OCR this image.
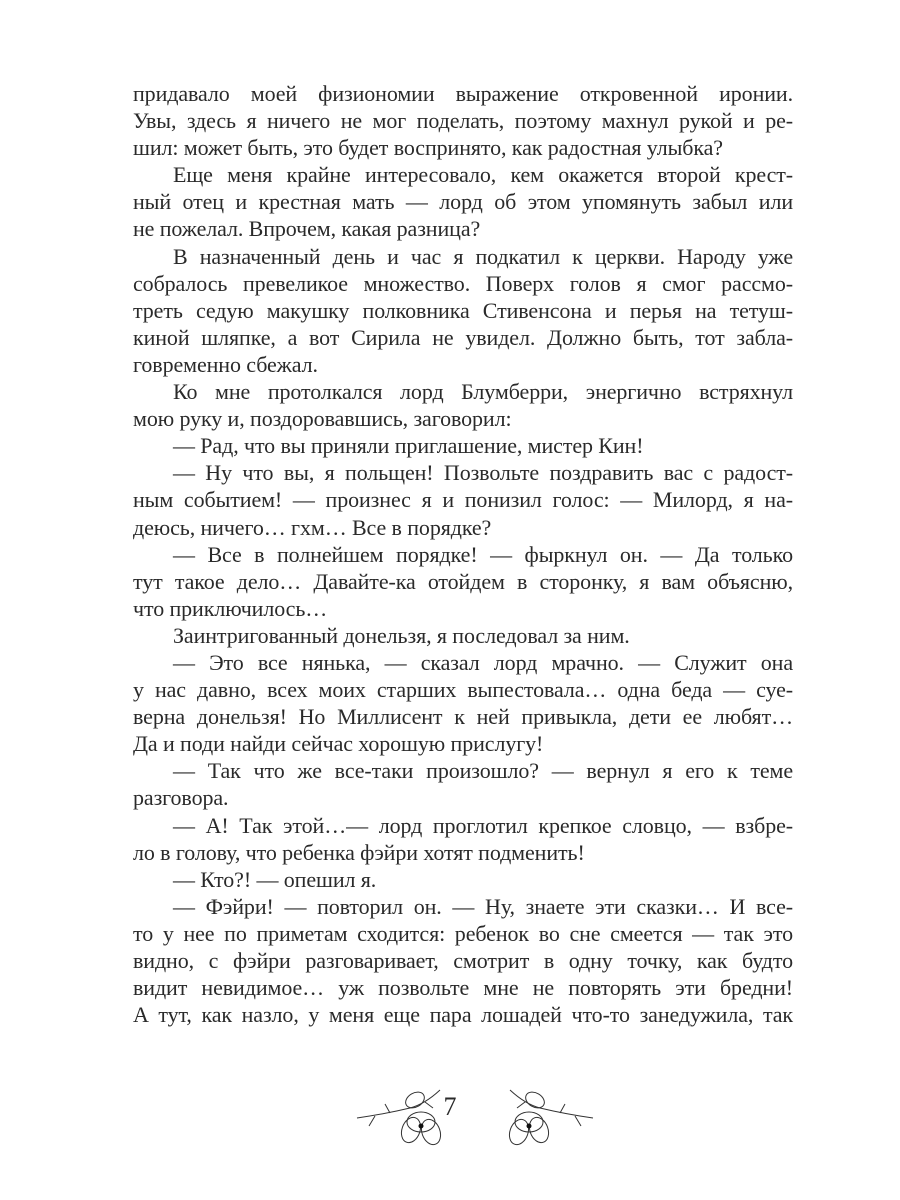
придавало моей физиономии выражение откровенной иронии.
Увы, здесь я ничего не мог поделать, поэтому махнул рукой и ре-
шил: может быть, это будет воспринято, как радостная улыбка?
Еще меня крайне интересовало, кем окажется второй крест-
ный отец и крестная мать — лорд об этом упомянуть забыл или
не пожелал. Впрочем, какая разница?
В назначенный день и час я подкатил к церкви. Народу уже
собралось превеликое множество. Поверх голов я смог рассмо-
треть седую макушку полковника Стивенсона и перья на тетуш-
киной шляпке, а вот Сирила не увидел. Должно быть, тот забла-
говременно сбежал.
Ко мне протолкался лорд Блумберри, энергично встряхнул
мою руку и, поздоровавшись, заговорил:
— Рад, что вы приняли приглашение, мистер Кин!
— Ну что вы, я польщен! Позвольте поздравить вас с радост-
ным событием! — произнес я и понизил голос: — Милорд, я на-
деюсь, ничего… гхм… Все в порядке?
— Все в полнейшем порядке! — фыркнул он. — Да только
тут такое дело… Давайте-ка отойдем в сторонку, я вам объясню,
что приключилось…
Заинтригованный донельзя, я последовал за ним.
— Это все нянька, — сказал лорд мрачно. — Служит она
у нас давно, всех моих старших выпестовала… одна беда — суе-
верна донельзя! Но Миллисент к ней привыкла, дети ее любят…
Да и поди найди сейчас хорошую прислугу!
— Так что же все-таки произошло? — вернул я его к теме
разговора.
— А! Так этой…— лорд проглотил крепкое словцо, — взбре-
ло в голову, что ребенка фэйри хотят подменить!
— Кто?! — опешил я.
— Фэйри! — повторил он. — Ну, знаете эти сказки… И все-
то у нее по приметам сходится: ребенок во сне смеется — так это
видно, с фэйри разговаривает, смотрит в одну точку, как будто
видит невидимое… уж позвольте мне не повторять эти бредни!
А тут, как назло, у меня еще пара лошадей что-то занедужила, так
7
